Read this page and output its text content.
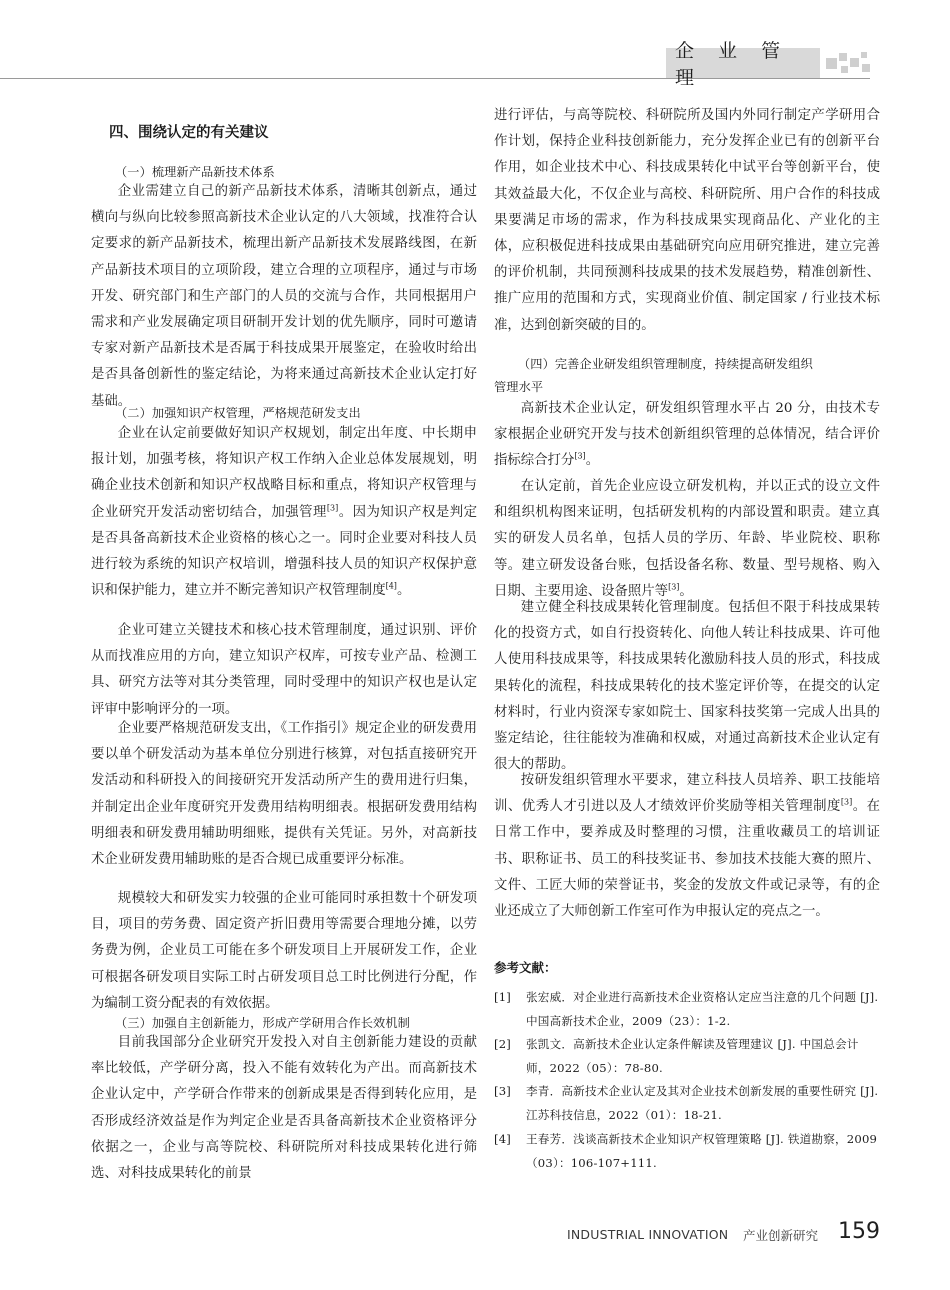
企 业 管 理
四、围绕认定的有关建议

（一）梳理新产品新技术体系

企业需建立自己的新产品新技术体系，清晰其创新点，通过横向与纵向比较参照高新技术企业认定的八大领域，找准符合认定要求的新产品新技术，梳理出新产品新技术发展路线图，在新产品新技术项目的立项阶段，建立合理的立项程序，通过与市场开发、研究部门和生产部门的人员的交流与合作，共同根据用户需求和产业发展确定项目研制开发计划的优先顺序，同时可邀请专家对新产品新技术是否属于科技成果开展鉴定，在验收时给出是否具备创新性的鉴定结论，为将来通过高新技术企业认定打好基础。

（二）加强知识产权管理，严格规范研发支出

企业在认定前要做好知识产权规划，制定出年度、中长期申报计划，加强考核，将知识产权工作纳入企业总体发展规划，明确企业技术创新和知识产权战略目标和重点，将知识产权管理与企业研究开发活动密切结合，加强管理[3]。因为知识产权是判定是否具备高新技术企业资格的核心之一。同时企业要对科技人员进行较为系统的知识产权培训，增强科技人员的知识产权保护意识和保护能力，建立并不断完善知识产权管理制度[4]。

企业可建立关键技术和核心技术管理制度，通过识别、评价从而找准应用的方向，建立知识产权库，可按专业产品、检测工具、研究方法等对其分类管理，同时受理中的知识产权也是认定评审中影响评分的一项。

企业要严格规范研发支出，《工作指引》规定企业的研发费用要以单个研发活动为基本单位分别进行核算，对包括直接研究开发活动和科研投入的间接研究开发活动所产生的费用进行归集，并制定出企业年度研究开发费用结构明细表。根据研发费用结构明细表和研发费用辅助明细账，提供有关凭证。另外，对高新技术企业研发费用辅助账的是否合规已成重要评分标准。

规模较大和研发实力较强的企业可能同时承担数十个研发项目，项目的劳务费、固定资产折旧费用等需要合理地分摊，以劳务费为例，企业员工可能在多个研发项目上开展研发工作，企业可根据各研发项目实际工时占研发项目总工时比例进行分配，作为编制工资分配表的有效依据。

（三）加强自主创新能力，形成产学研用合作长效机制

目前我国部分企业研究开发投入对自主创新能力建设的贡献率比较低，产学研分离，投入不能有效转化为产出。而高新技术企业认定中，产学研合作带来的创新成果是否得到转化应用，是否形成经济效益是作为判定企业是否具备高新技术企业资格评分依据之一，企业与高等院校、科研院所对科技成果转化进行筛选、对科技成果转化的前景

进行评估，与高等院校、科研院所及国内外同行制定产学研用合作计划，保持企业科技创新能力，充分发挥企业已有的创新平台作用，如企业技术中心、科技成果转化中试平台等创新平台，使其效益最大化，不仅企业与高校、科研院所、用户合作的科技成果要满足市场的需求，作为科技成果实现商品化、产业化的主体，应积极促进科技成果由基础研究向应用研究推进，建立完善的评价机制，共同预测科技成果的技术发展趋势，精准创新性、推广应用的范围和方式，实现商业价值、制定国家 / 行业技术标准，达到创新突破的目的。

（四）完善企业研发组织管理制度，持续提高研发组织

管理水平

高新技术企业认定，研发组织管理水平占 20 分，由技术专家根据企业研究开发与技术创新组织管理的总体情况，结合评价指标综合打分[3]。

在认定前，首先企业应设立研发机构，并以正式的设立文件和组织机构图来证明，包括研发机构的内部设置和职责。建立真实的研发人员名单，包括人员的学历、年龄、毕业院校、职称等。建立研发设备台账，包括设备名称、数量、型号规格、购入日期、主要用途、设备照片等[3]。

建立健全科技成果转化管理制度。包括但不限于科技成果转化的投资方式，如自行投资转化、向他人转让科技成果、许可他人使用科技成果等，科技成果转化激励科技人员的形式，科技成果转化的流程，科技成果转化的技术鉴定评价等，在提交的认定材料时，行业内资深专家如院士、国家科技奖第一完成人出具的鉴定结论，往往能较为准确和权威，对通过高新技术企业认定有很大的帮助。

按研发组织管理水平要求，建立科技人员培养、职工技能培训、优秀人才引进以及人才绩效评价奖励等相关管理制度[3]。在日常工作中，要养成及时整理的习惯，注重收藏员工的培训证书、职称证书、员工的科技奖证书、参加技术技能大赛的照片、文件、工匠大师的荣誉证书，奖金的发放文件或记录等，有的企业还成立了大师创新工作室可作为申报认定的亮点之一。

参考文献：

[1] 张宏威．对企业进行高新技术企业资格认定应当注意的几个问题 [J]. 中国高新技术企业，2009（23）：1-2.

[2] 张凯文．高新技术企业认定条件解读及管理建议 [J]. 中国总会计师，2022（05）：78-80.

[3] 李青．高新技术企业认定及其对企业技术创新发展的重要性研究 [J]. 江苏科技信息，2022（01）：18-21.

[4] 王春芳．浅谈高新技术企业知识产权管理策略 [J]. 铁道勘察，2009（03）：106-107+111.

INDUSTRIAL INNOVATION 产业创新研究 159
